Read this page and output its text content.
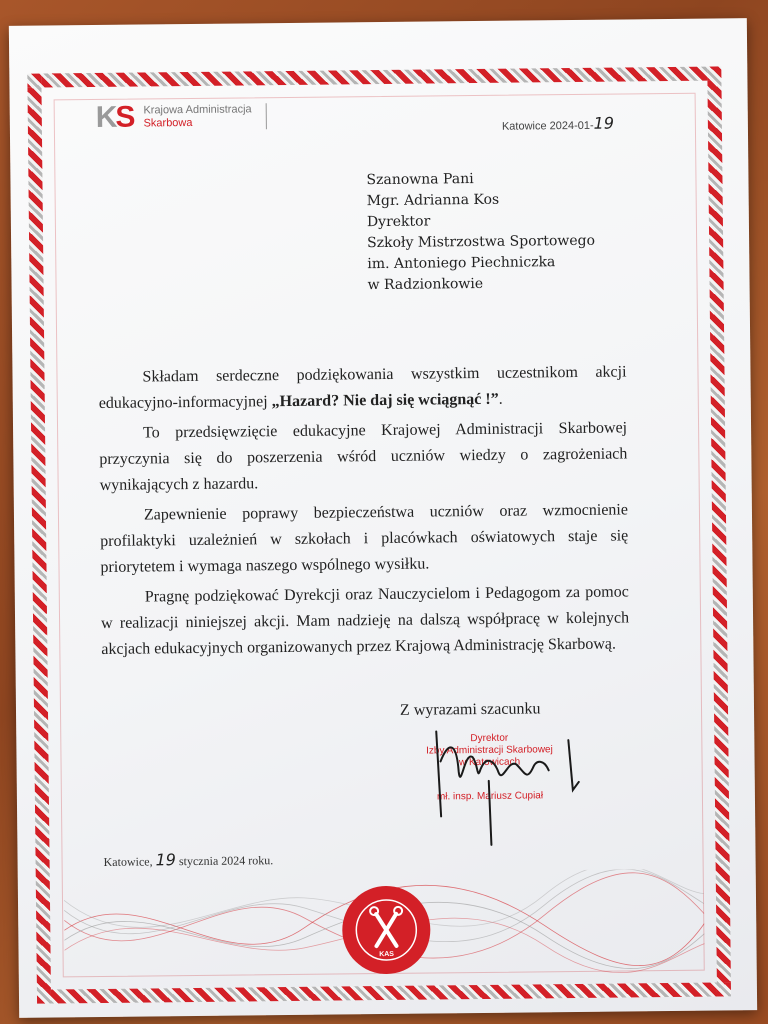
KS Krajowa Administracja
Skarbowa	Katowice 2024-01-19
Szanowna Pani
Mgr. Adrianna Kos
Dyrektor
Szkoły Mistrzostwa Sportowego
im. Antoniego Piechniczka
w Radzionkowie

Składam serdeczne podziękowania wszystkim uczestnikom akcji edukacyjno-informacyjnej „Hazard? Nie daj się wciągnąć !”.

To przedsięwzięcie edukacyjne Krajowej Administracji Skarbowej przyczynia się do poszerzenia wśród uczniów wiedzy o zagrożeniach wynikających z hazardu.

Zapewnienie poprawy bezpieczeństwa uczniów oraz wzmocnienie profilaktyki uzależnień w szkołach i placówkach oświatowych staje się priorytetem i wymaga naszego wspólnego wysiłku.

Pragnę podziękować Dyrekcji oraz Nauczycielom i Pedagogom za pomoc w realizacji niniejszej akcji. Mam nadzieję na dalszą współpracę w kolejnych akcjach edukacyjnych organizowanych przez Krajową Administrację Skarbową.

Z wyrazami szacunku
Dyrektor
Izby Administracji Skarbowej
w Katowicach
mł. insp. Mariusz Cupiał
Katowice, 19 stycznia 2024 roku.
KAS
